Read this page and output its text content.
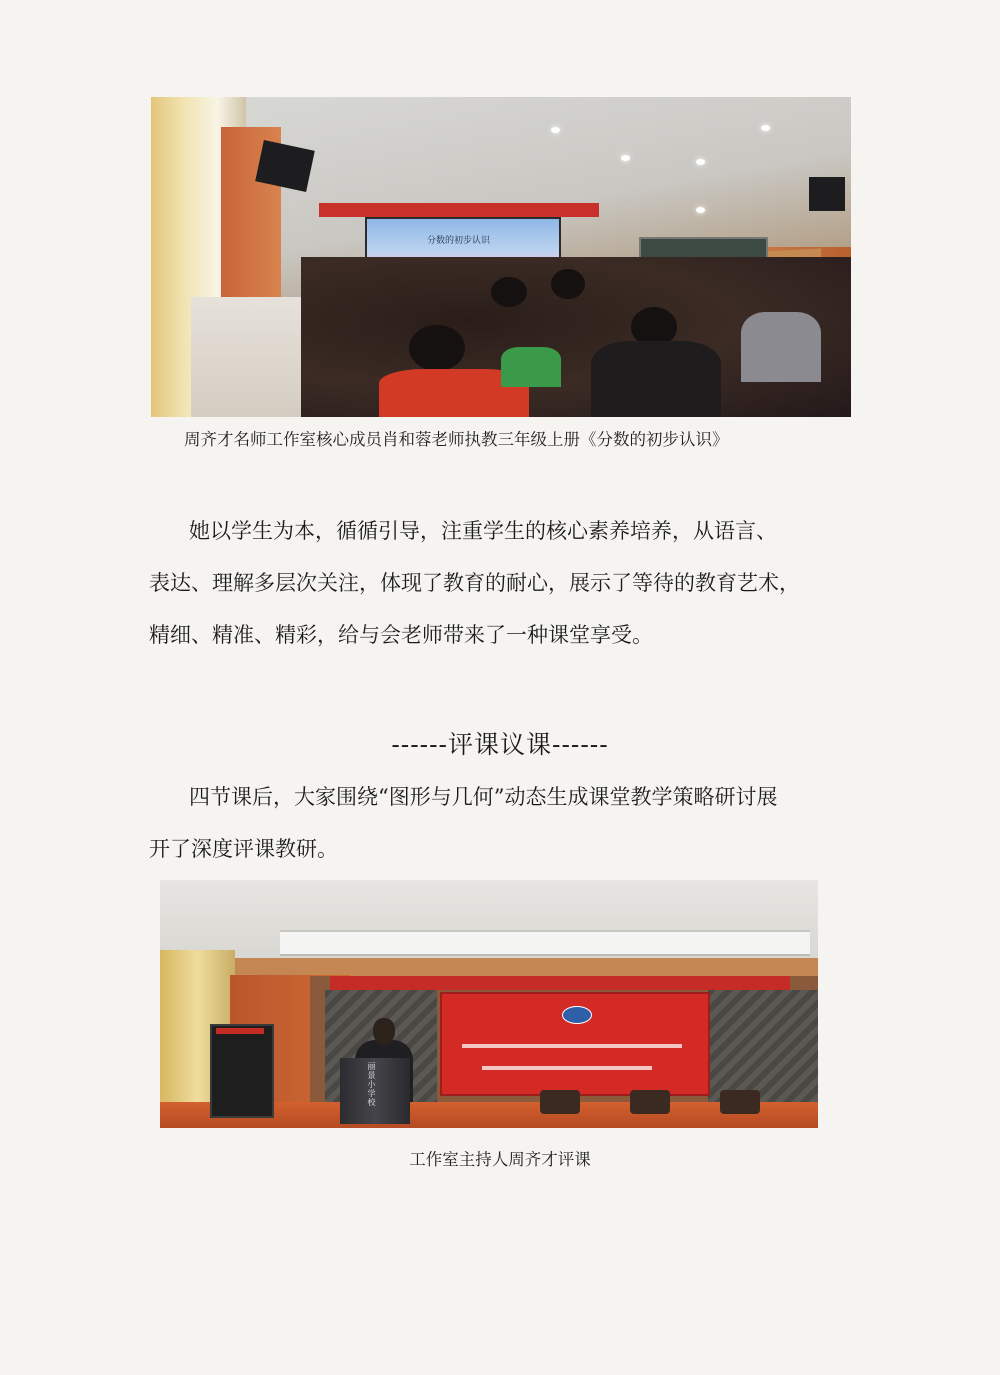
分数的初步认识
周齐才名师工作室核心成员肖和蓉老师执教三年级上册《分数的初步认识》
她以学生为本，循循引导，注重学生的核心素养培养，从语言、
表达、理解多层次关注，体现了教育的耐心，展示了等待的教育艺术，
精细、精准、精彩，给与会老师带来了一种课堂享受。
------评课议课------
四节课后，大家围绕“图形与几何”动态生成课堂教学策略研讨展
开了深度评课教研。
丽景小学校
工作室主持人周齐才评课
